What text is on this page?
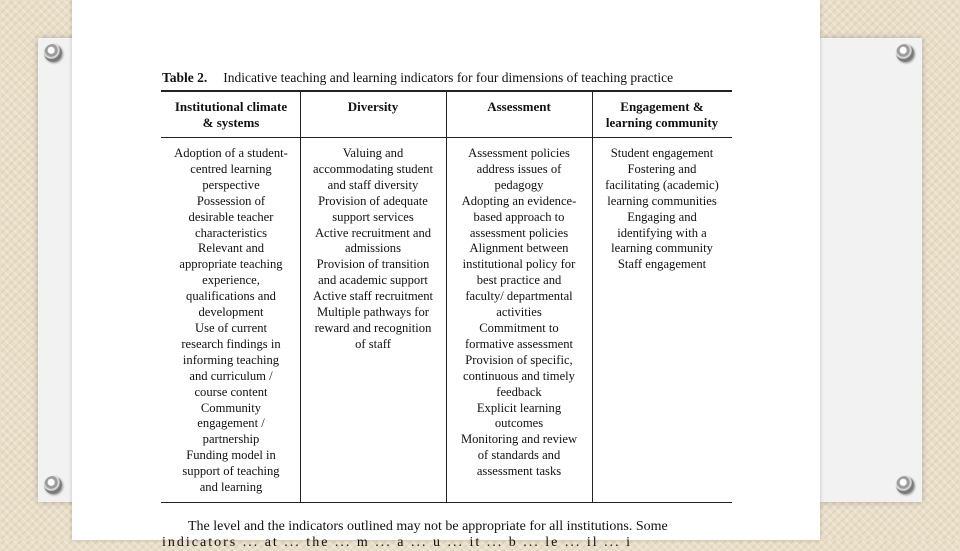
Table 2. Indicative teaching and learning indicators for four dimensions of teaching practice
Institutional climate
& systems
Diversity	Assessment	Engagement &
learning community
Adoption of a student-
centred learning
perspective
Possession of
desirable teacher
characteristics
Relevant and
appropriate teaching
experience,
qualifications and
development
Use of current
research findings in
informing teaching
and curriculum /
course content
Community
engagement /
partnership
Funding model in
support of teaching
and learning
Valuing and
accommodating student
and staff diversity
Provision of adequate
support services
Active recruitment and
admissions
Provision of transition
and academic support
Active staff recruitment
Multiple pathways for
reward and recognition
of staff
Assessment policies
address issues of
pedagogy
Adopting an evidence-
based approach to
assessment policies
Alignment between
institutional policy for
best practice and
faculty/ departmental
activities
Commitment to
formative assessment
Provision of specific,
continuous and timely
feedback
Explicit learning
outcomes
Monitoring and review
of standards and
assessment tasks
Student engagement
Fostering and
facilitating (academic)
learning communities
Engaging and
identifying with a
learning community
Staff engagement
The level and the indicators outlined may not be appropriate for all institutions. Some
indicators ... at ... the ... m ... a ... u ... it ... b ... le ... il ... i
